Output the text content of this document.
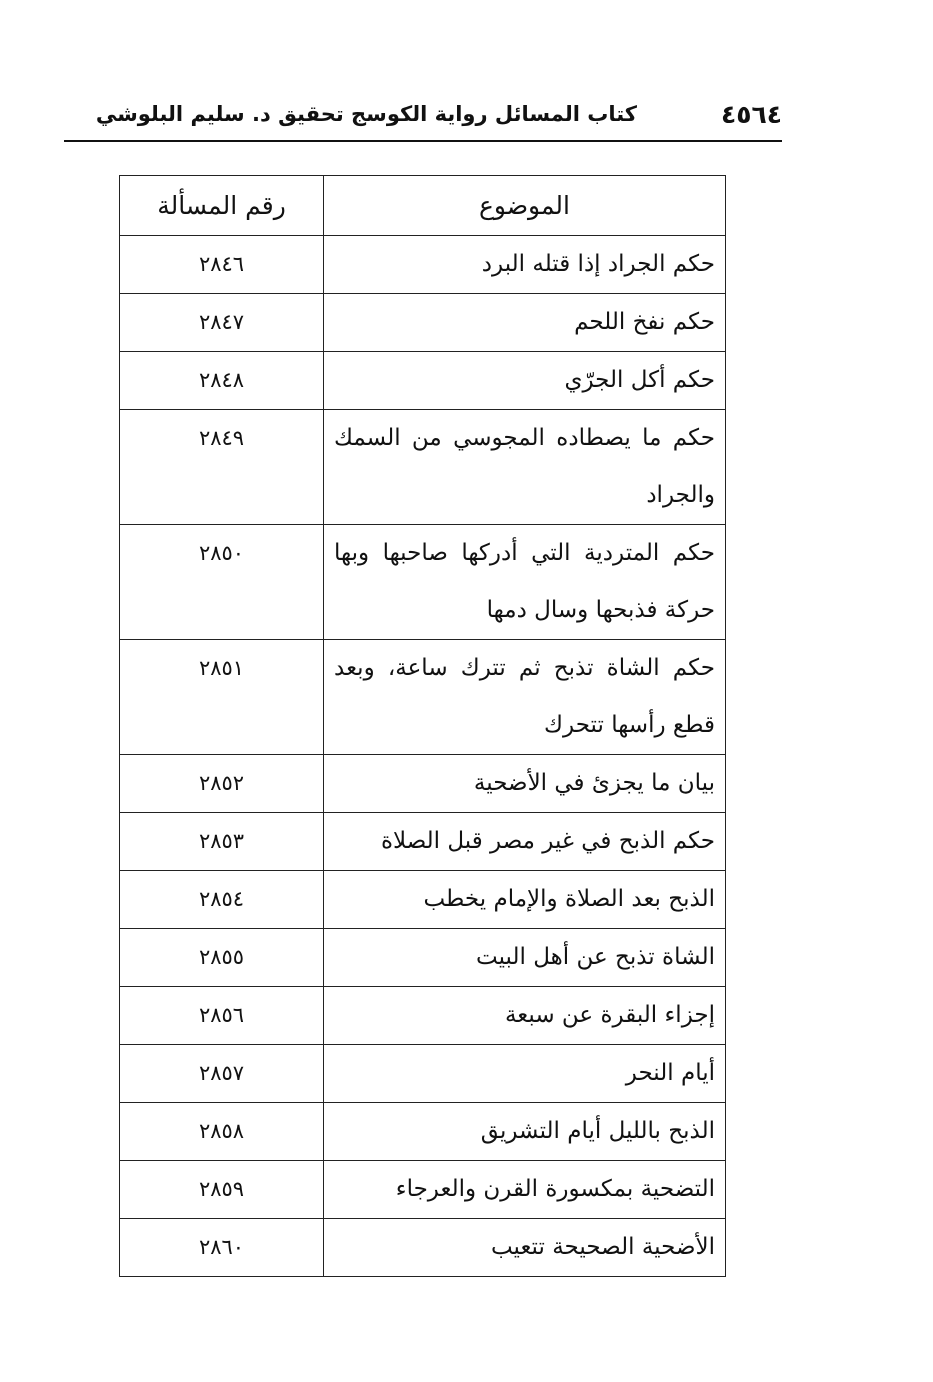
٤٥٦٤
كتاب المسائل رواية الكوسج تحقيق د. سليم البلوشي
الموضوع	رقم المسألة
حكم الجراد إذا قتله البرد	٢٨٤٦
حكم نفخ اللحم	٢٨٤٧
حكم أكل الجرّي	٢٨٤٨
حكم ما يصطاده المجوسي من السمك والجراد	٢٨٤٩
حكم المتردية التي أدركها صاحبها وبها حركة فذبحها وسال دمها	٢٨٥٠
حكم الشاة تذبح ثم تترك ساعة، وبعد قطع رأسها تتحرك	٢٨٥١
بيان ما يجزئ في الأضحية	٢٨٥٢
حكم الذبح في غير مصر قبل الصلاة	٢٨٥٣
الذبح بعد الصلاة والإمام يخطب	٢٨٥٤
الشاة تذبح عن أهل البيت	٢٨٥٥
إجزاء البقرة عن سبعة	٢٨٥٦
أيام النحر	٢٨٥٧
الذبح بالليل أيام التشريق	٢٨٥٨
التضحية بمكسورة القرن والعرجاء	٢٨٥٩
الأضحية الصحيحة تتعيب	٢٨٦٠
